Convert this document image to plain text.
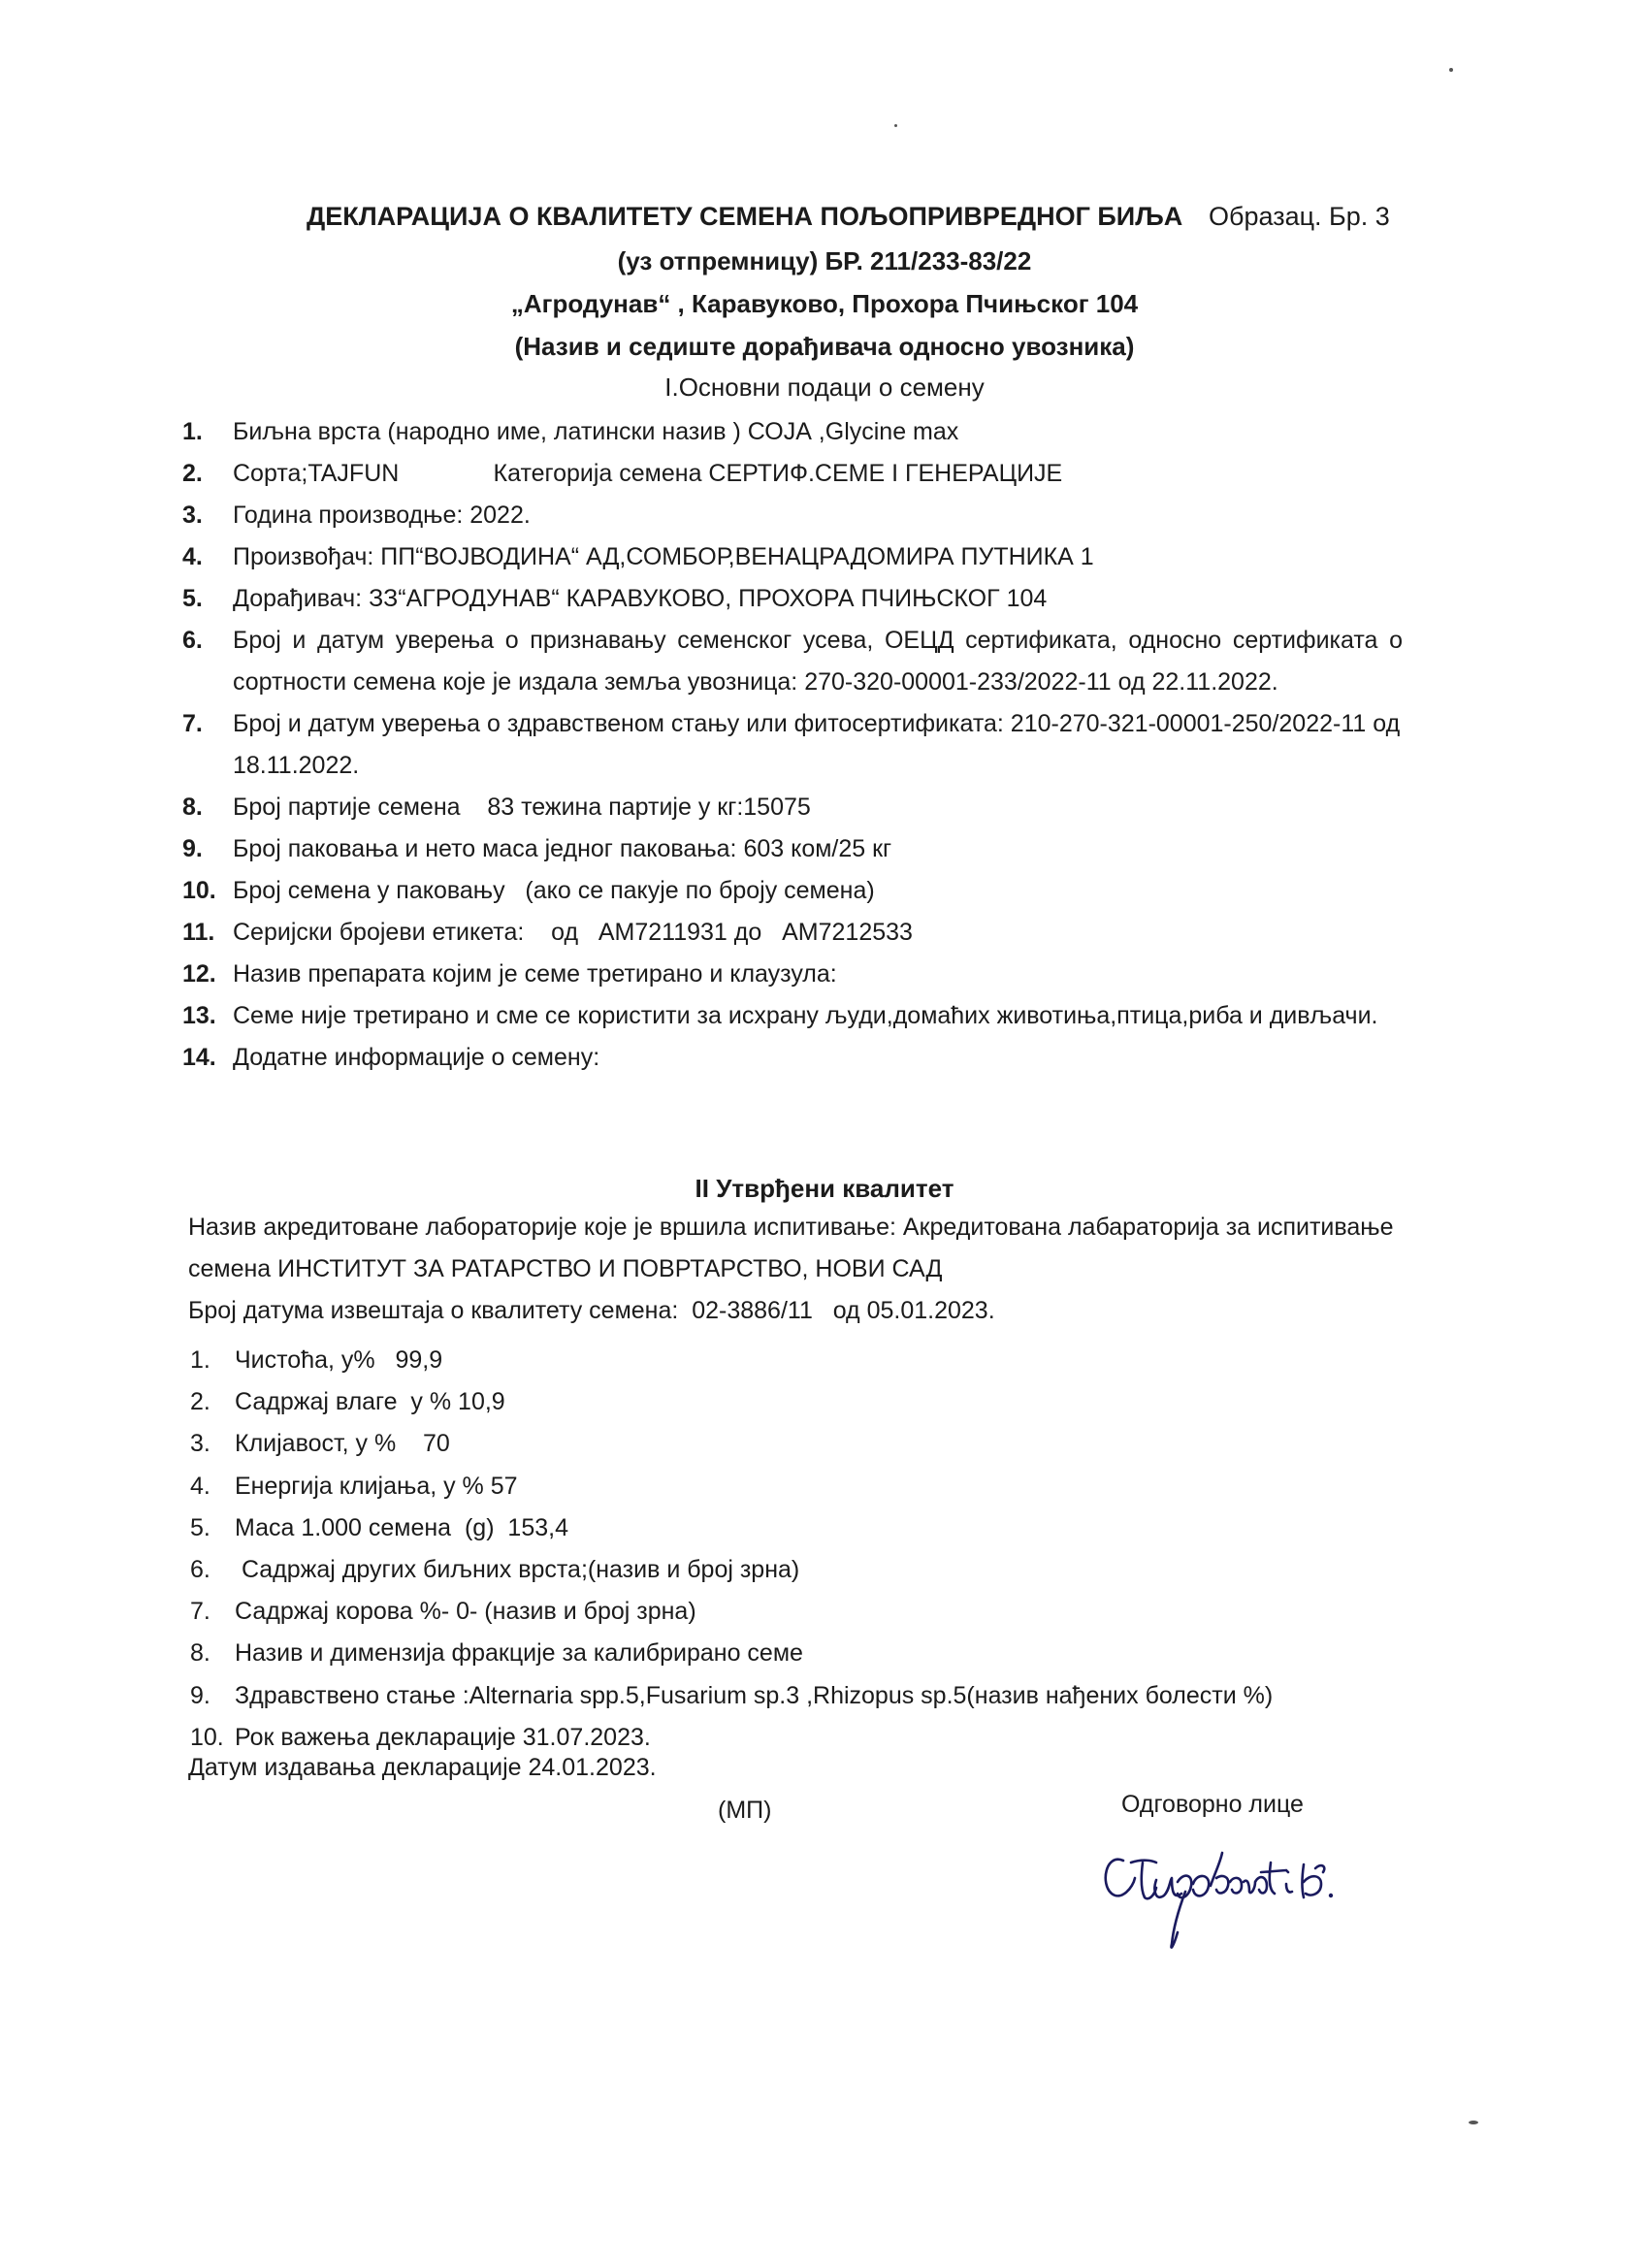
ДЕКЛАРАЦИЈА О КВАЛИТЕТУ СЕМЕНА ПОЉОПРИВРЕДНОГ БИЉА Образац. Бр. 3
(уз отпремницу) БР. 211/233-83/22
„Агродунав“ , Каравуково, Прохора Пчињског 104
(Назив и седиште дорађивача односно увозника)
I.Основни подаци о семену
1. Биљна врста (народно име, латински назив ) СОЈА ,Glycine max
2. Сорта;TAJFUN              Категорија семена СЕРТИФ.СЕМЕ I ГЕНЕРАЦИЈЕ
3. Година производње: 2022.
4. Произвођач: ПП“ВОЈВОДИНА“ АД,СОМБОР,ВЕНАЦРАДОМИРА ПУТНИКА 1
5. Дорађивач: ЗЗ“АГРОДУНАВ“ КАРАВУКОВО, ПРОХОРА ПЧИЊСКОГ 104
6. Број и датум уверења о признавању семенског усева, ОЕЦД сертификата, односно сертификата о сортности семена које је издала земља увозница: 270-320-00001-233/2022-11 од 22.11.2022.
7. Број и датум уверења о здравственом стању или фитосертификата: 210-270-321-00001-250/2022-11 од 18.11.2022.
8. Број партије семена    83 тежина партије у кг:15075
9. Број паковања и нето маса једног паковања: 603 ком/25 кг
10. Број семена у паковању   (ако се пакује по броју семена)
11. Серијски бројеви етикета:    од   AM7211931 до   AM7212533
12. Назив препарата којим је семе третирано и клаузула:
13. Семе није третирано и сме се користити за исхрану људи,домаћих животиња,птица,риба и дивљачи.
14. Додатне информације о семену:
II Утврђени квалитет
Назив акредитоване лабораторије које је вршила испитивање: Акредитована лабараторија за испитивање семена ИНСТИТУТ ЗА РАТАРСТВО И ПОВРТАРСТВО, НОВИ САД
Број датума извештаја о квалитету семена:  02-3886/11   од 05.01.2023.
1. Чистоћа, у%   99,9
2. Садржај влаге  у % 10,9
3. Клијавост, у %    70
4. Енергија клијања, у % 57
5. Маса 1.000 семена  (g)  153,4
6. Садржај других биљних врста;(назив и број зрна)
7. Садржај корова %- 0- (назив и број зрна)
8. Назив и димензија фракције за калибрирано семе
9. Здравствено стање :Alternaria spp.5,Fusarium sp.3 ,Rhizopus sp.5(назив нађених болести %)
10. Рок важења декларације 31.07.2023.
Датум издавања декларације 24.01.2023.
(МП)	Одговорно лице
